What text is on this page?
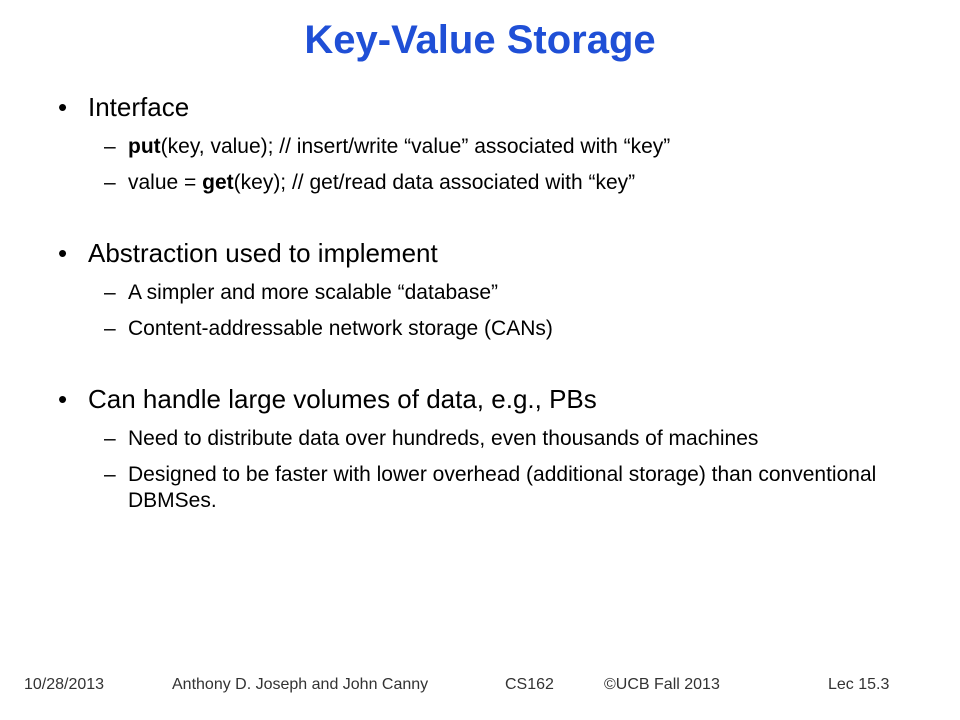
Key-Value Storage
• Interface
– put(key, value); // insert/write “value” associated with “key”
– value = get(key); // get/read data associated with “key”
• Abstraction used to implement
– A simpler and more scalable “database”
– Content-addressable network storage (CANs)
• Can handle large volumes of data, e.g., PBs
– Need to distribute data over hundreds, even thousands of machines
– Designed to be faster with lower overhead (additional storage) than conventional DBMSes.
10/28/2013	Anthony D. Joseph and John Canny	CS162	©UCB Fall 2013	Lec 15.3
